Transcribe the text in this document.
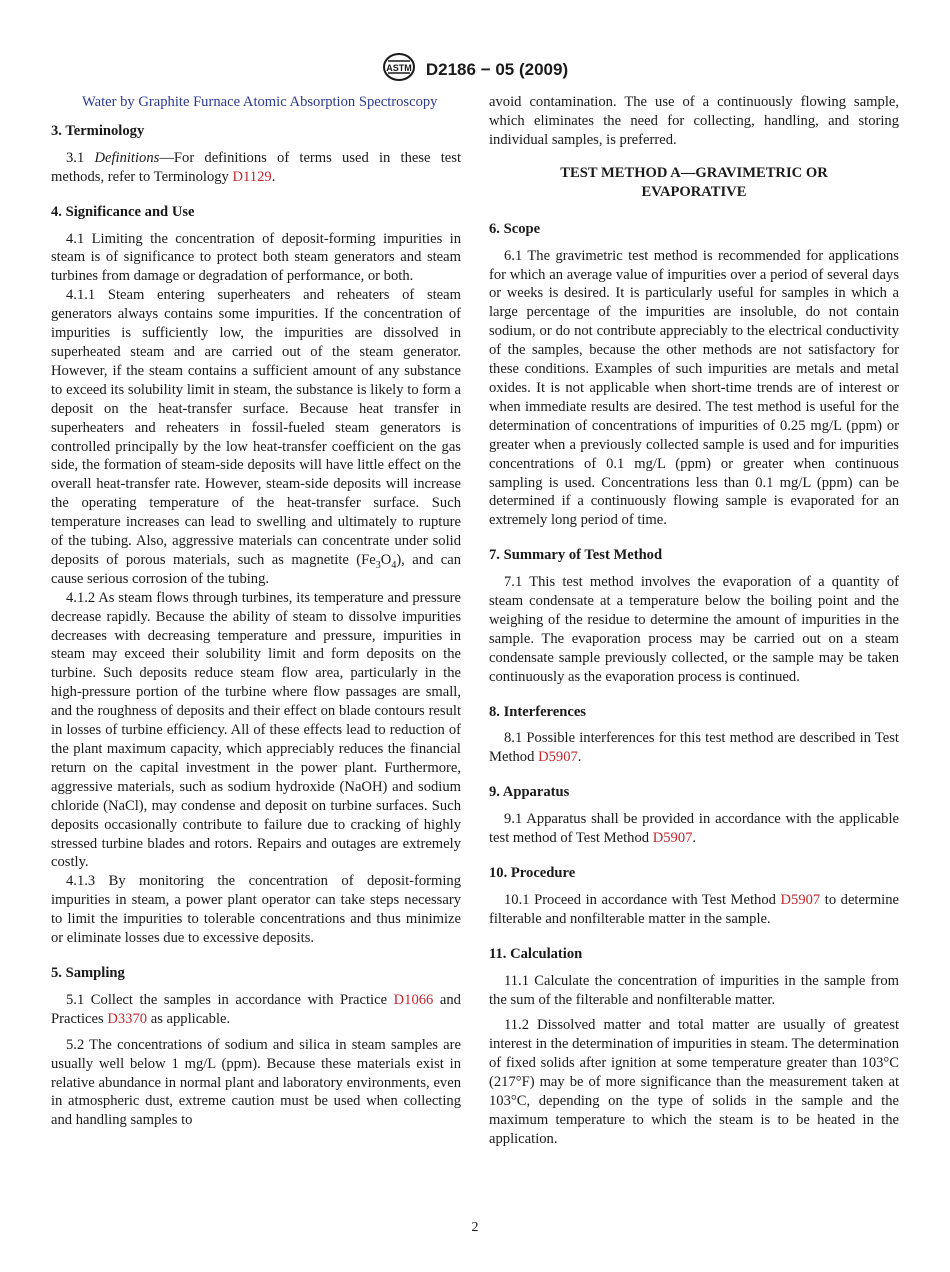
ASTM D2186 − 05 (2009)

Water by Graphite Furnace Atomic Absorption Spectroscopy

3. Terminology

3.1 Definitions—For definitions of terms used in these test methods, refer to Terminology D1129.

4. Significance and Use

4.1 Limiting the concentration of deposit-forming impurities in steam is of significance to protect both steam generators and steam turbines from damage or degradation of performance, or both.

4.1.1 Steam entering superheaters and reheaters of steam generators always contains some impurities. If the concentration of impurities is sufficiently low, the impurities are dissolved in superheated steam and are carried out of the steam generator. However, if the steam contains a sufficient amount of any substance to exceed its solubility limit in steam, the substance is likely to form a deposit on the heat-transfer surface. Because heat transfer in superheaters and reheaters in fossil-fueled steam generators is controlled principally by the low heat-transfer coefficient on the gas side, the formation of steam-side deposits will have little effect on the overall heat-transfer rate. However, steam-side deposits will increase the operating temperature of the heat-transfer surface. Such temperature increases can lead to swelling and ultimately to rupture of the tubing. Also, aggressive materials can concentrate under solid deposits of porous materials, such as magnetite $(Fe_3O_4)$, and can cause serious corrosion of the tubing.

4.1.2 As steam flows through turbines, its temperature and pressure decrease rapidly. Because the ability of steam to dissolve impurities decreases with decreasing temperature and pressure, impurities in steam may exceed their solubility limit and form deposits on the turbine. Such deposits reduce steam flow area, particularly in the high-pressure portion of the turbine where flow passages are small, and the roughness of deposits and their effect on blade contours result in losses of turbine efficiency. All of these effects lead to reduction of the plant maximum capacity, which appreciably reduces the financial return on the capital investment in the power plant. Furthermore, aggressive materials, such as sodium hydroxide (NaOH) and sodium chloride (NaCl), may condense and deposit on turbine surfaces. Such deposits occasionally contribute to failure due to cracking of highly stressed turbine blades and rotors. Repairs and outages are extremely costly.

4.1.3 By monitoring the concentration of deposit-forming impurities in steam, a power plant operator can take steps necessary to limit the impurities to tolerable concentrations and thus minimize or eliminate losses due to excessive deposits.

5. Sampling

5.1 Collect the samples in accordance with Practice D1066 and Practices D3370 as applicable.

5.2 The concentrations of sodium and silica in steam samples are usually well below 1 mg/L (ppm). Because these materials exist in relative abundance in normal plant and laboratory environments, even in atmospheric dust, extreme caution must be used when collecting and handling samples to

avoid contamination. The use of a continuously flowing sample, which eliminates the need for collecting, handling, and storing individual samples, is preferred.

TEST METHOD A—GRAVIMETRIC OR
EVAPORATIVE
6. Scope

6.1 The gravimetric test method is recommended for applications for which an average value of impurities over a period of several days or weeks is desired. It is particularly useful for samples in which a large percentage of the impurities are insoluble, do not contain sodium, or do not contribute appreciably to the electrical conductivity of the samples, because the other methods are not satisfactory for these conditions. Examples of such impurities are metals and metal oxides. It is not applicable when short-time trends are of interest or when immediate results are desired. The test method is useful for the determination of concentrations of impurities of 0.25 mg/L (ppm) or greater when a previously collected sample is used and for impurities concentrations of 0.1 mg/L (ppm) or greater when continuous sampling is used. Concentrations less than 0.1 mg/L (ppm) can be determined if a continuously flowing sample is evaporated for an extremely long period of time.

7. Summary of Test Method

7.1 This test method involves the evaporation of a quantity of steam condensate at a temperature below the boiling point and the weighing of the residue to determine the amount of impurities in the sample. The evaporation process may be carried out on a steam condensate sample previously collected, or the sample may be taken continuously as the evaporation process is continued.

8. Interferences

8.1 Possible interferences for this test method are described in Test Method D5907.

9. Apparatus

9.1 Apparatus shall be provided in accordance with the applicable test method of Test Method D5907.

10. Procedure

10.1 Proceed in accordance with Test Method D5907 to determine filterable and nonfilterable matter in the sample.

11. Calculation

11.1 Calculate the concentration of impurities in the sample from the sum of the filterable and nonfilterable matter.

11.2 Dissolved matter and total matter are usually of greatest interest in the determination of impurities in steam. The determination of fixed solids after ignition at some temperature greater than 103°C (217°F) may be of more significance than the measurement taken at 103°C, depending on the type of solids in the sample and the maximum temperature to which the steam is to be heated in the application.

2
